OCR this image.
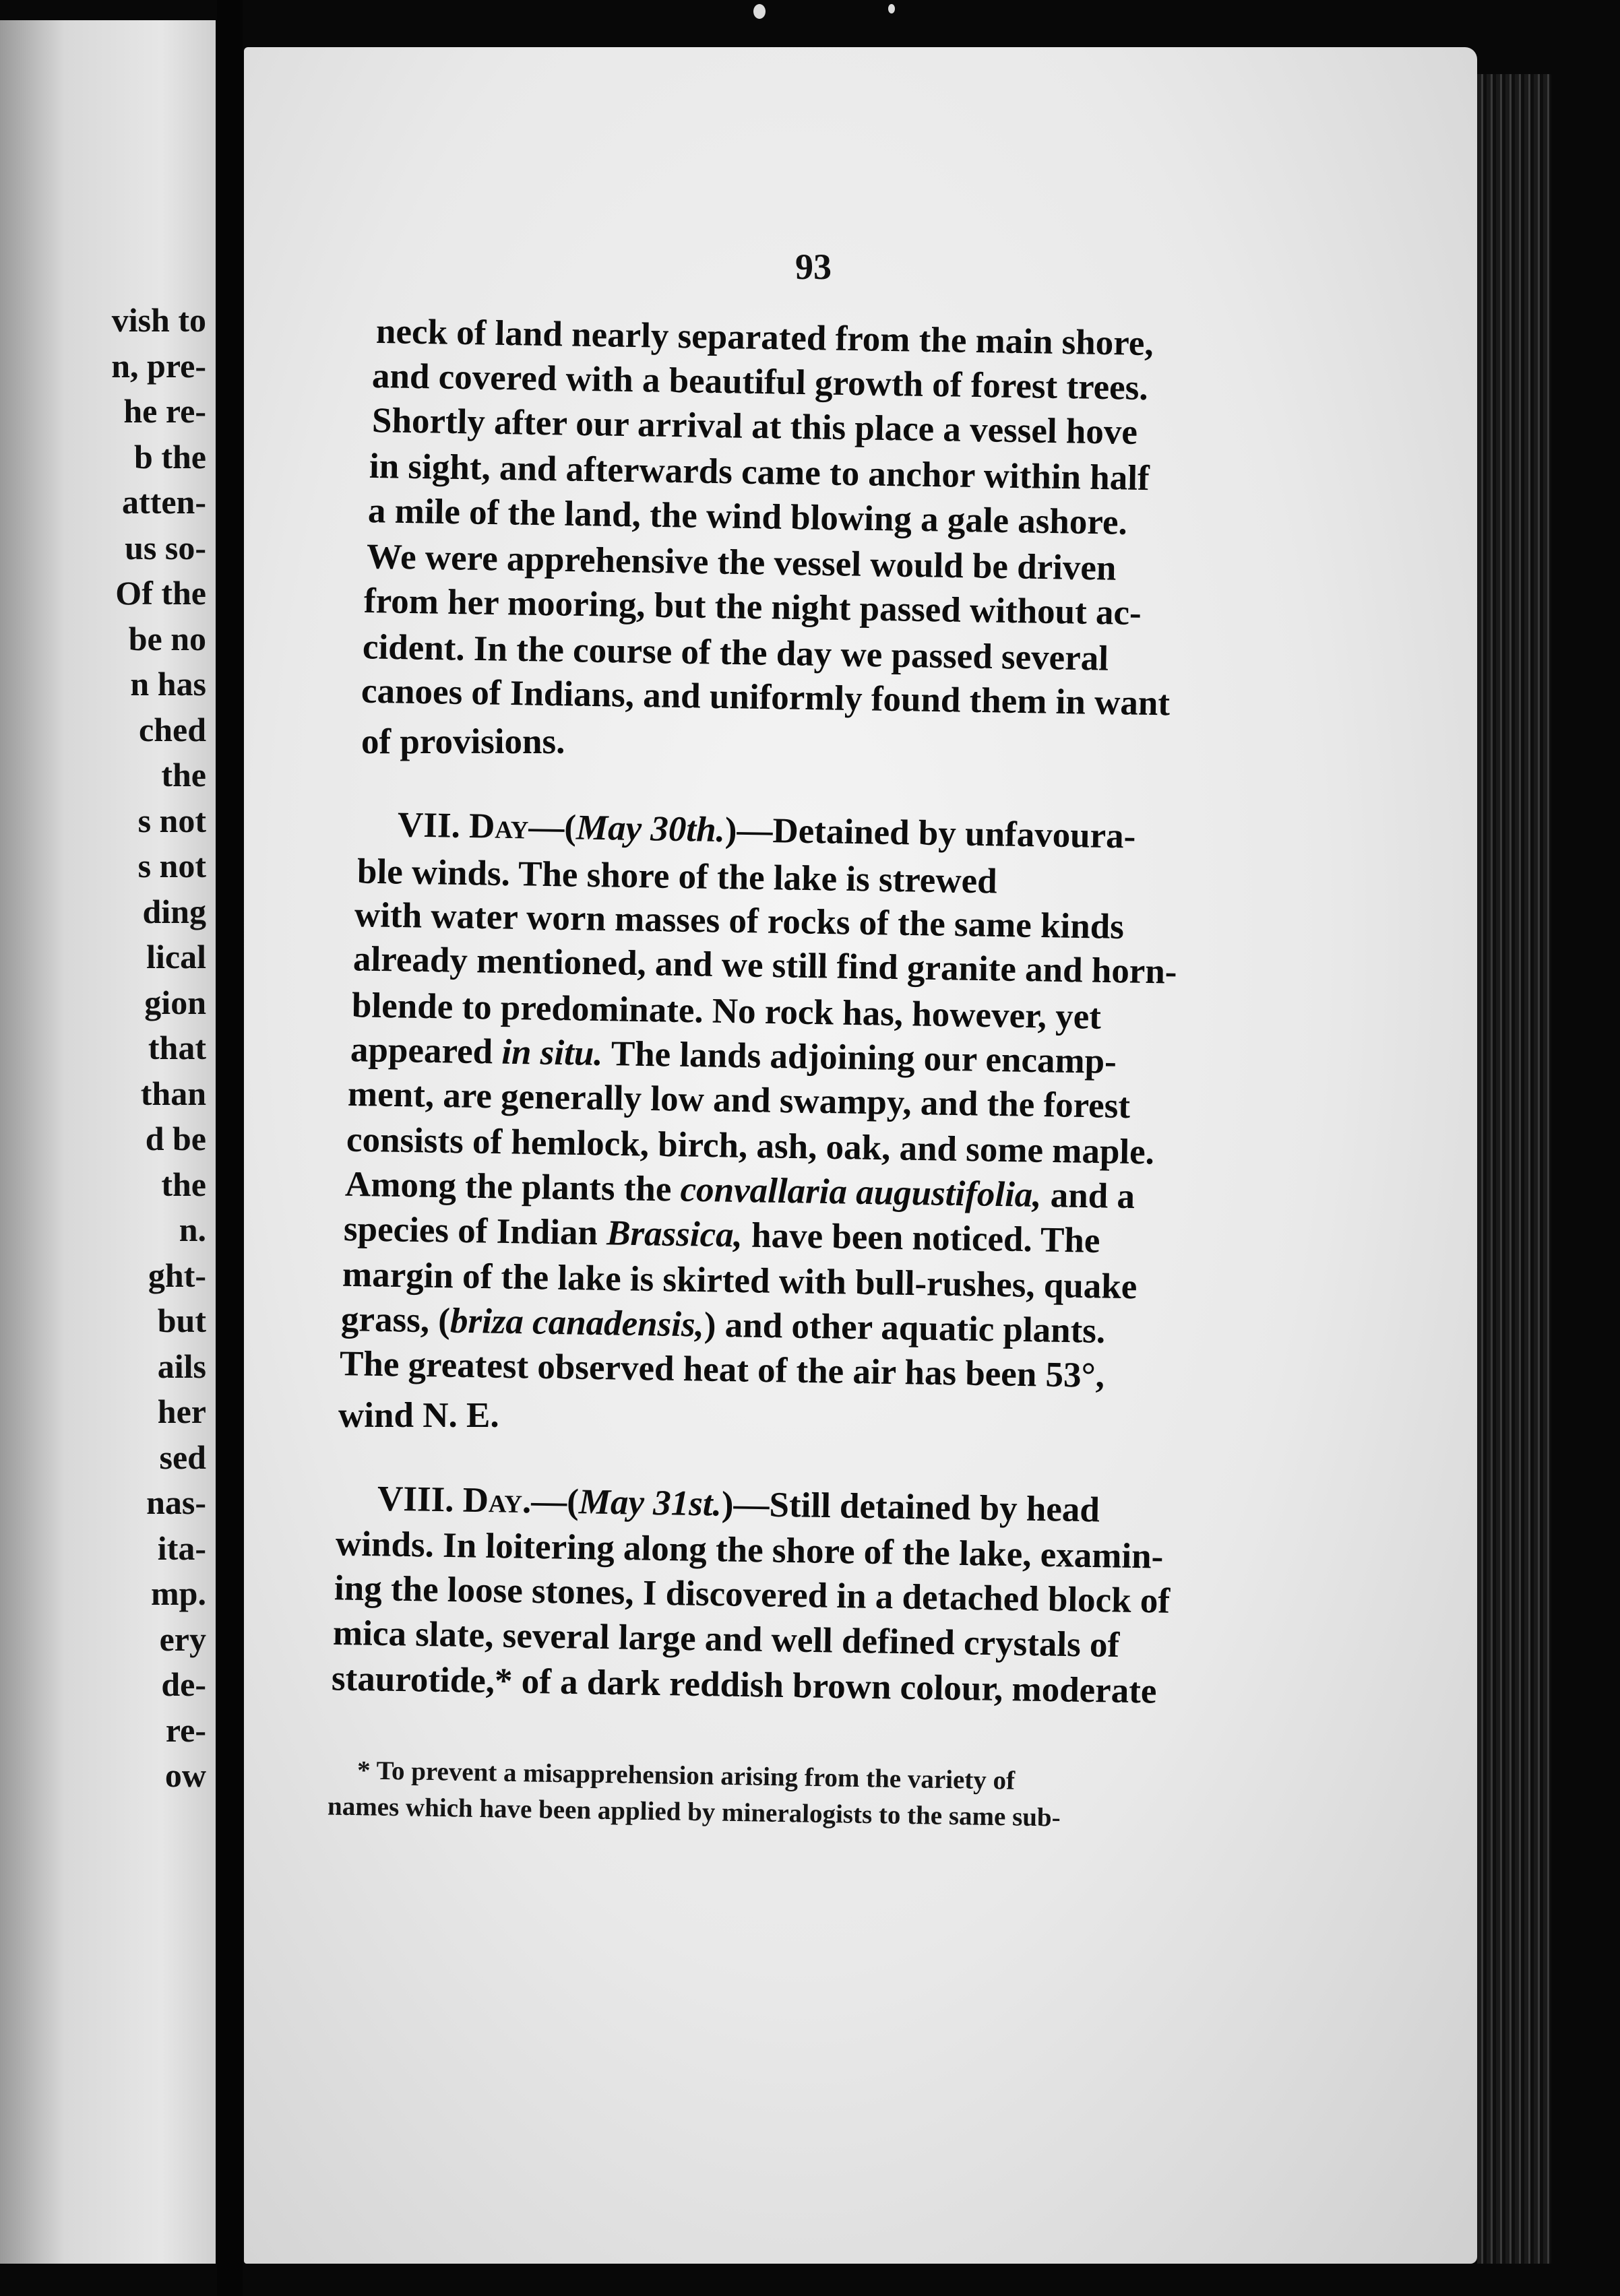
vish to
n, pre-
he re-
b the
atten-
us so-
Of the
be no
n has
ched
the
s not
s not
ding
lical
gion
that
than
d be
the
n.
ght-
but
ails
her
sed
nas-
ita-
mp.
ery
de-
re-
ow
93
neck of land nearly separated from the main shore,
and covered with a beautiful growth of forest trees.
Shortly after our arrival at this place a vessel hove
in sight, and afterwards came to anchor within half
a mile of the land, the wind blowing a gale ashore.
We were apprehensive the vessel would be driven
from her mooring, but the night passed without ac-
cident. In the course of the day we passed several
canoes of Indians, and uniformly found them in want
of provisions.
VII. Day—(May 30th.)—Detained by unfavoura-
ble winds. The shore of the lake is strewed
with water worn masses of rocks of the same kinds
already mentioned, and we still find granite and horn-
blende to predominate. No rock has, however, yet
appeared in situ. The lands adjoining our encamp-
ment, are generally low and swampy, and the forest
consists of hemlock, birch, ash, oak, and some maple.
Among the plants the convallaria augustifolia, and a
species of Indian Brassica, have been noticed. The
margin of the lake is skirted with bull-rushes, quake
grass, (briza canadensis,) and other aquatic plants.
The greatest observed heat of the air has been 53°,
wind N. E.
VIII. Day.—(May 31st.)—Still detained by head
winds. In loitering along the shore of the lake, examin-
ing the loose stones, I discovered in a detached block of
mica slate, several large and well defined crystals of
staurotide,* of a dark reddish brown colour, moderate
* To prevent a misapprehension arising from the variety of
names which have been applied by mineralogists to the same sub-
